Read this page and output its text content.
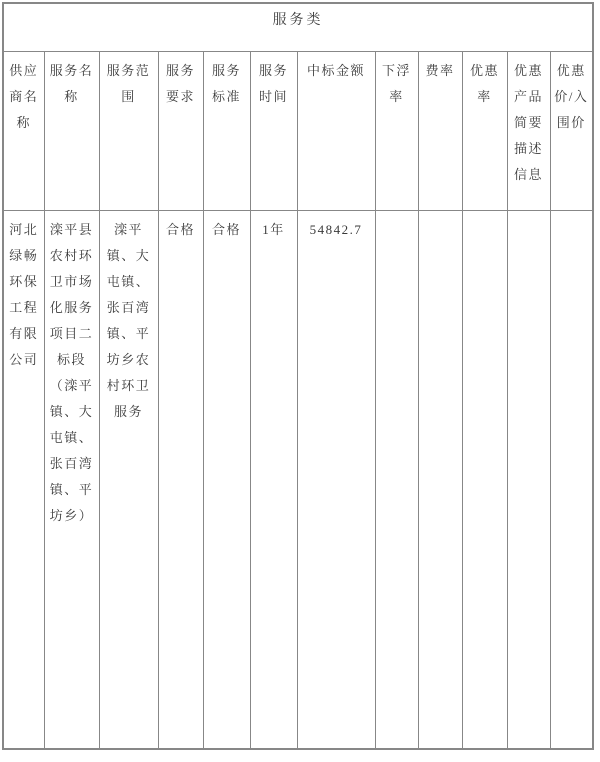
服务类											
供应商名称	服务名称	服务范围	服务要求	服务标准	服务时间	中标金额	下浮率	费率	优惠率	优惠产品简要描述信息	优惠价/入围价
河北绿畅环保工程有限公司	滦平县农村环卫市场化服务项目二标段（滦平镇、大屯镇、张百湾镇、平坊乡）	滦平镇、大屯镇、张百湾镇、平坊乡农村环卫服务	合格	合格	1年	54842.7					
